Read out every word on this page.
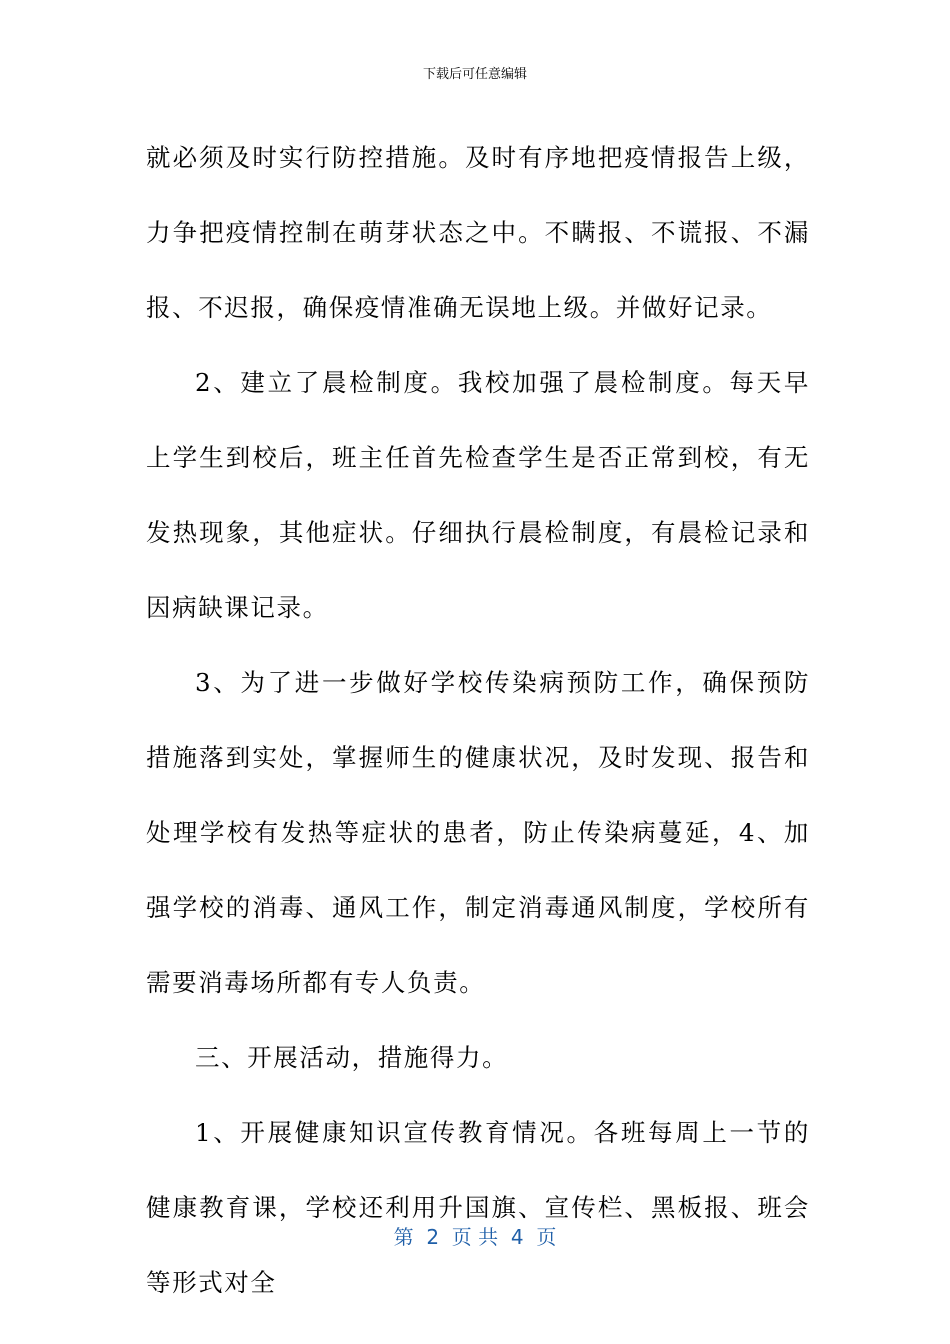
下载后可任意编辑

就必须及时实行防控措施。及时有序地把疫情报告上级，力争把疫情控制在萌芽状态之中。不瞒报、不谎报、不漏报、不迟报，确保疫情准确无误地上级。并做好记录。

2、建立了晨检制度。我校加强了晨检制度。每天早上学生到校后，班主任首先检查学生是否正常到校，有无发热现象，其他症状。仔细执行晨检制度，有晨检记录和因病缺课记录。

3、为了进一步做好学校传染病预防工作，确保预防措施落到实处，掌握师生的健康状况，及时发现、报告和处理学校有发热等症状的患者，防止传染病蔓延，4、加强学校的消毒、通风工作，制定消毒通风制度，学校所有需要消毒场所都有专人负责。

三、开展活动，措施得力。

1、开展健康知识宣传教育情况。各班每周上一节的健康教育课，学校还利用升国旗、宣传栏、黑板报、班会等形式对全

第  2  页 共  4  页
